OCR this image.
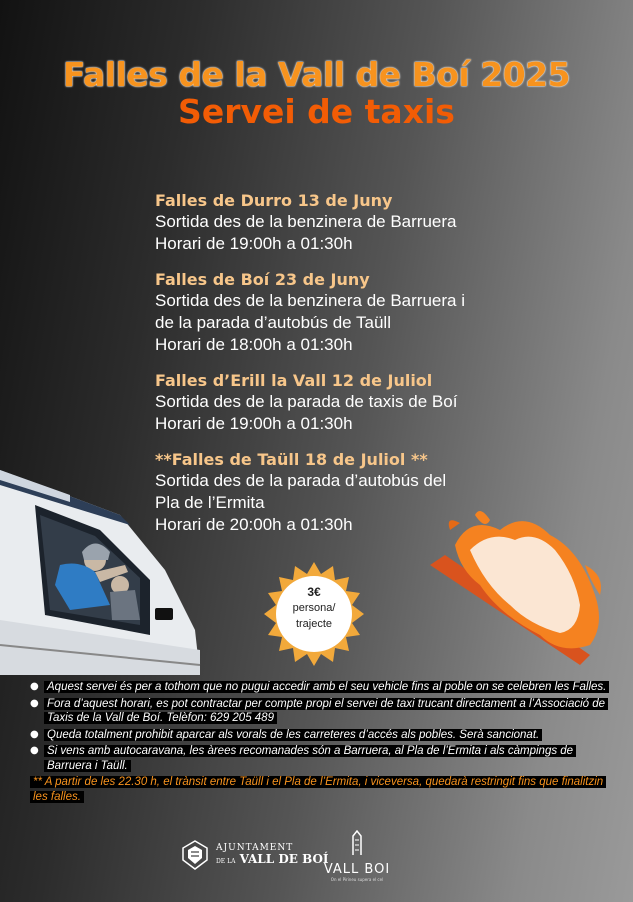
Falles de la Vall de Boí 2025
Servei de taxis
Falles de Durro 13 de Juny
Sortida des de la benzinera de Barruera
Horari de 19:00h a 01:30h
Falles de Boí 23 de Juny
Sortida des de la benzinera de Barruera i
de la parada d’autobús de Taüll
Horari de 18:00h a 01:30h
Falles d’Erill la Vall 12 de Juliol
Sortida des de la parada de taxis de Boí
Horari de 19:00h a 01:30h
**Falles de Taüll 18 de Juliol **
Sortida des de la parada d’autobús del
Pla de l’Ermita
Horari de 20:00h a 01:30h
3€
persona/
trajecte
● Aquest servei és per a tothom que no pugui accedir amb el seu vehicle fins al poble on se celebren les Falles.
● Fora d’aquest horari, es pot contractar per compte propi el servei de taxi trucant directament a l’Associació de Taxis de la Vall de Boí. Telèfon: 629 205 489
● Queda totalment prohibit aparcar als vorals de les carreteres d’accés als pobles. Serà sancionat.
● Si vens amb autocaravana, les àrees recomanades són a Barruera, al Pla de l’Ermita i als càmpings de Barruera i Taüll.
** A partir de les 22.30 h, el trànsit entre Taüll i el Pla de l’Ermita, i viceversa, quedarà restringit fins que finalitzin les falles.
AJUNTAMENT
DE LA VALL DE BOÍ
VALL BOI
On el Pirineu supera el cel
